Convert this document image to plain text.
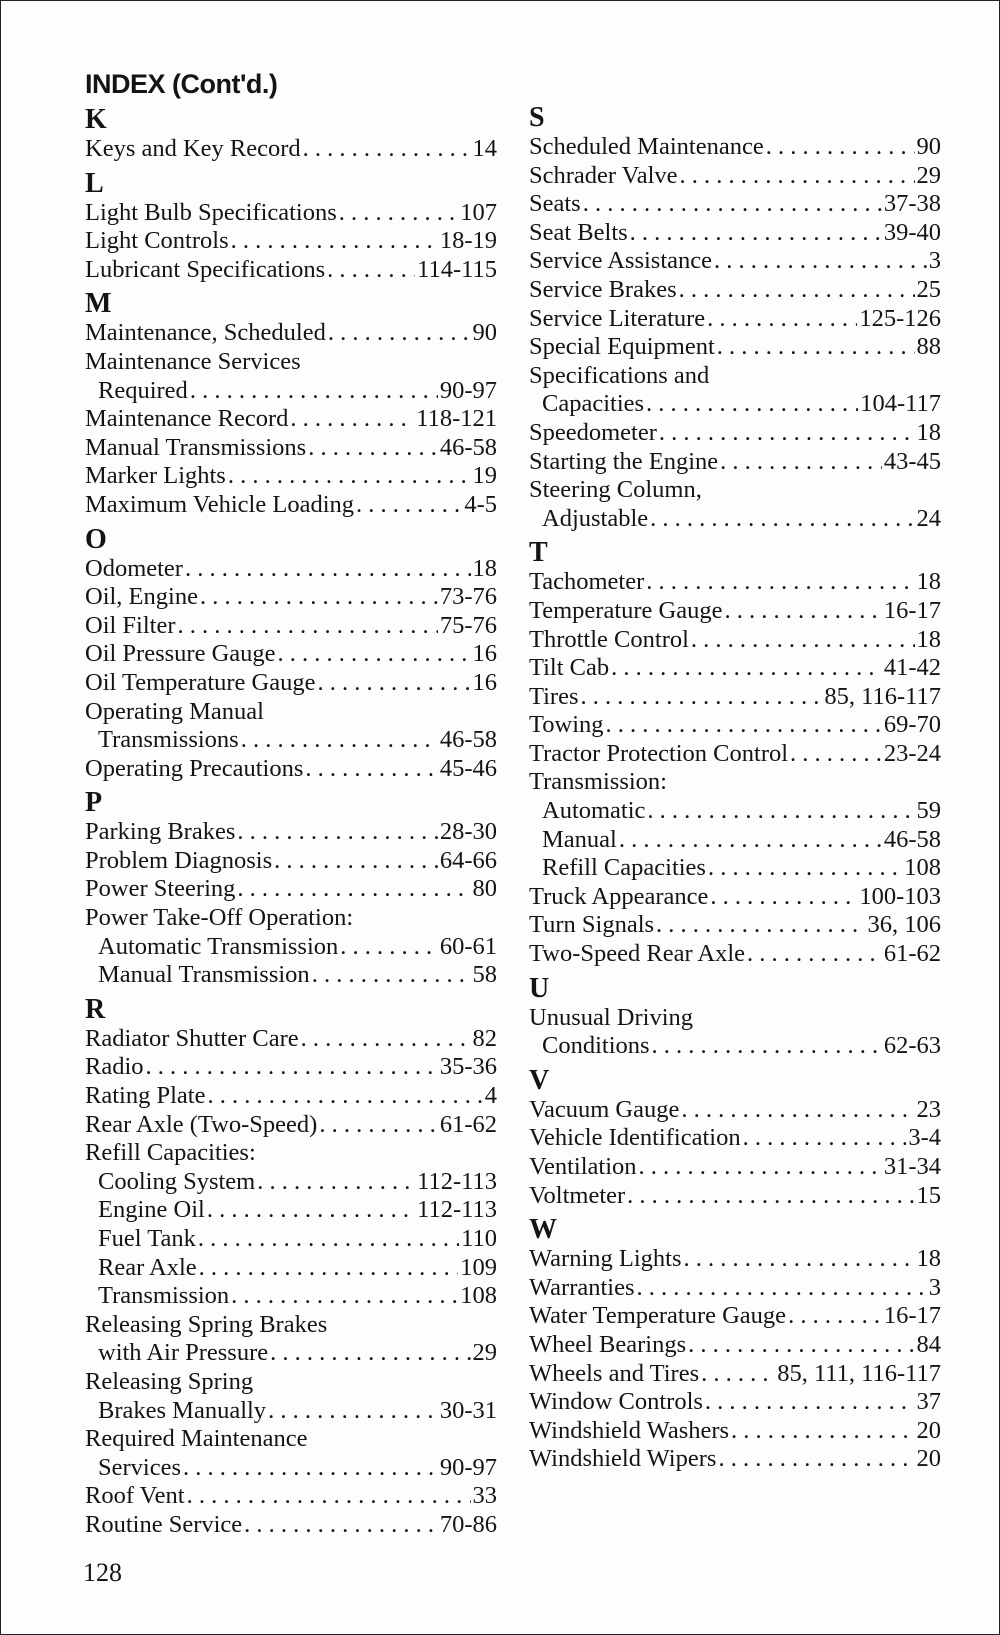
INDEX (Cont'd.)
K
Keys and Key Record . . .	14
L
Light Bulb Specifications . . .	107
Light Controls . . .	18-19
Lubricant Specifications . . .	114-115
M
Maintenance, Scheduled . . .	90
Maintenance Services
Required . . .	90-97
Maintenance Record . . .	118-121
Manual Transmissions . . .	46-58
Marker Lights . . .	19
Maximum Vehicle Loading . . .	4-5
O
Odometer . . .	18
Oil, Engine . . .	73-76
Oil Filter . . .	75-76
Oil Pressure Gauge . . .	16
Oil Temperature Gauge . . .	16
Operating Manual
Transmissions . . .	46-58
Operating Precautions . . .	45-46
P
Parking Brakes . . .	28-30
Problem Diagnosis . . .	64-66
Power Steering . . .	80
Power Take-Off Operation:
Automatic Transmission . . .	60-61
Manual Transmission . . .	58
R
Radiator Shutter Care . . .	82
Radio . . .	35-36
Rating Plate . . .	4
Rear Axle (Two-Speed) . . .	61-62
Refill Capacities:
Cooling System . . .	112-113
Engine Oil . . .	112-113
Fuel Tank . . .	110
Rear Axle . . .	109
Transmission . . .	108
Releasing Spring Brakes
with Air Pressure . . .	29
Releasing Spring
Brakes Manually . . .	30-31
Required Maintenance
Services . . .	90-97
Roof Vent . . .	33
Routine Service . . .	70-86
S
Scheduled Maintenance . . .	90
Schrader Valve . . .	29
Seats . . .	37-38
Seat Belts . . .	39-40
Service Assistance . . .	3
Service Brakes . . .	25
Service Literature . . .	125-126
Special Equipment . . .	88
Specifications and
Capacities . . .	104-117
Speedometer . . .	18
Starting the Engine . . .	43-45
Steering Column,
Adjustable . . .	24
T
Tachometer . . .	18
Temperature Gauge . . .	16-17
Throttle Control . . .	18
Tilt Cab . . .	41-42
Tires . . .	85, 116-117
Towing . . .	69-70
Tractor Protection Control . . .	23-24
Transmission:
Automatic . . .	59
Manual . . .	46-58
Refill Capacities . . .	108
Truck Appearance . . .	100-103
Turn Signals . . .	36, 106
Two-Speed Rear Axle . . .	61-62
U
Unusual Driving
Conditions . . .	62-63
V
Vacuum Gauge . . .	23
Vehicle Identification . . .	3-4
Ventilation . . .	31-34
Voltmeter . . .	15
W
Warning Lights . . .	18
Warranties . . .	3
Water Temperature Gauge . . .	16-17
Wheel Bearings . . .	84
Wheels and Tires . . .	85, 111, 116-117
Window Controls . . .	37
Windshield Washers . . .	20
Windshield Wipers . . .	20
128
